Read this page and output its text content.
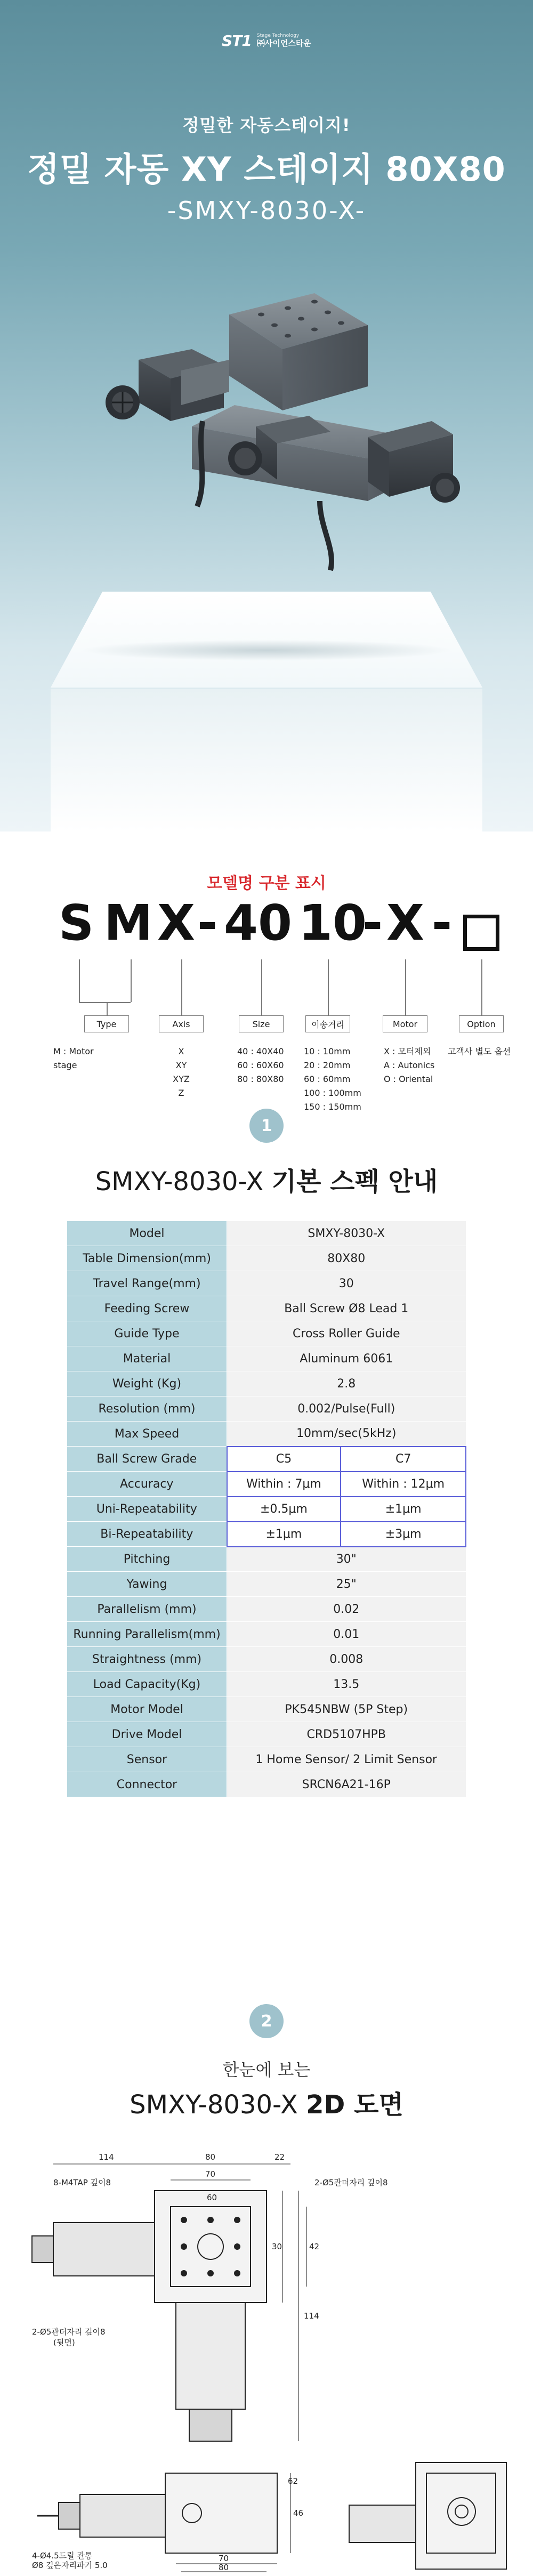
ST1 Stage Technology
㈜사이언스타운
정밀한 자동스테이지!
정밀 자동 XY 스테이지 80X80
-SMXY-8030-X-
모델명 구분 표시
S M X - 40 10
- X -
Type	Axis	Size	이송거리	Motor	Option
M : Motor
stage
X
XY
XYZ
Z
40 : 40X40
60 : 60X60
80 : 80X80
10 : 10mm
20 : 20mm
60 : 60mm
100 : 100mm
150 : 150mm
X : 모터제외
A : Autonics
O : Oriental
고객사 별도 옵션
1
SMXY-8030-X 기본 스펙 안내
Model	SMXY-8030-X	
Table Dimension(mm)	80X80	
Travel Range(mm)	30	
Feeding Screw	Ball Screw Ø8 Lead 1	
Guide Type	Cross Roller Guide	
Material	Aluminum 6061	
Weight (Kg)	2.8	
Resolution (mm)	0.002/Pulse(Full)	
Max Speed	10mm/sec(5kHz)	
Ball Screw Grade	C5	C7
Accuracy	Within : 7μm	Within : 12μm
Uni-Repeatability	±0.5μm	±1μm
Bi-Repeatability	±1μm	±3μm
Pitching	30"	
Yawing	25"	
Parallelism (mm)	0.02	
Running Parallelism(mm)	0.01	
Straightness (mm)	0.008	
Load Capacity(Kg)	13.5	
Motor Model	PK545NBW (5P Step)	
Drive Model	CRD5107HPB	
Sensor	1 Home Sensor/ 2 Limit Sensor	
Connector	SRCN6A21-16P	
2
한눈에 보는
SMXY-8030-X 2D 도면
114	80	22
70
60
30	42
114
8-M4TAP 깊이8	2-Ø5관더자리 깊이8
2-Ø5관더자리 깊이8
(뒷면)
46
62
70
80
4-Ø4.5드릴 관통
Ø8 깊은자리파기 5.0
